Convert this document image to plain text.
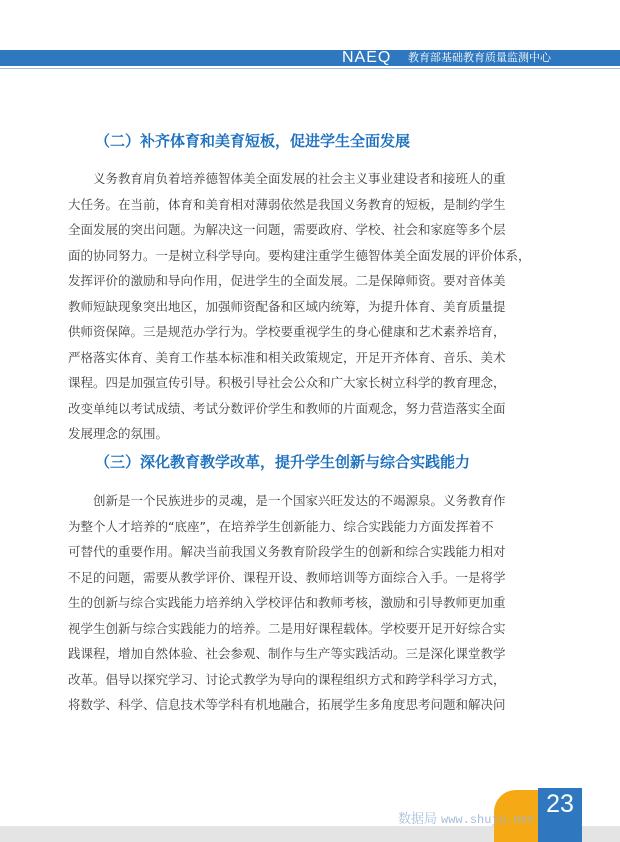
NAEQ 教育部基础教育质量监测中心
（二）补齐体育和美育短板，促进学生全面发展
　　义务教育肩负着培养德智体美全面发展的社会主义事业建设者和接班人的重
大任务。在当前，体育和美育相对薄弱依然是我国义务教育的短板，是制约学生
全面发展的突出问题。为解决这一问题，需要政府、学校、社会和家庭等多个层
面的协同努力。一是树立科学导向。要构建注重学生德智体美全面发展的评价体系，
发挥评价的激励和导向作用，促进学生的全面发展。二是保障师资。要对音体美
教师短缺现象突出地区，加强师资配备和区域内统筹，为提升体育、美育质量提
供师资保障。三是规范办学行为。学校要重视学生的身心健康和艺术素养培育，
严格落实体育、美育工作基本标准和相关政策规定，开足开齐体育、音乐、美术
课程。四是加强宣传引导。积极引导社会公众和广大家长树立科学的教育理念，
改变单纯以考试成绩、考试分数评价学生和教师的片面观念，努力营造落实全面
发展理念的氛围。
（三）深化教育教学改革，提升学生创新与综合实践能力
　　创新是一个民族进步的灵魂，是一个国家兴旺发达的不竭源泉。义务教育作
为整个人才培养的“底座”，在培养学生创新能力、综合实践能力方面发挥着不
可替代的重要作用。解决当前我国义务教育阶段学生的创新和综合实践能力相对
不足的问题，需要从教学评价、课程开设、教师培训等方面综合入手。一是将学
生的创新与综合实践能力培养纳入学校评估和教师考核，激励和引导教师更加重
视学生创新与综合实践能力的培养。二是用好课程载体。学校要开足开好综合实
践课程，增加自然体验、社会参观、制作与生产等实践活动。三是深化课堂教学
改革。倡导以探究学习、讨论式教学为导向的课程组织方式和跨学科学习方式，
将数学、科学、信息技术等学科有机地融合，拓展学生多角度思考问题和解决问
23
数据局 www.shuju.net
